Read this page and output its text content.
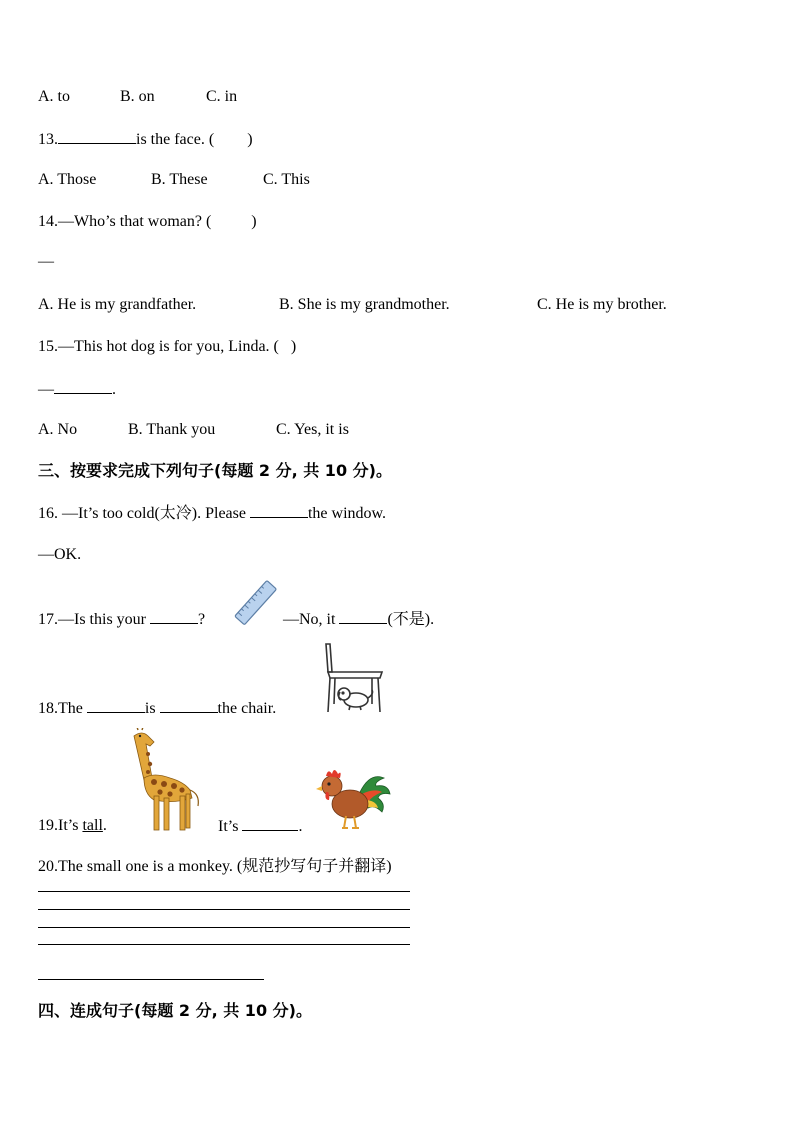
A. to	B. on	C. in
13.	is the face. ( )
A. Those	B. These	C. This
14.—Who’s that woman? (	)
—
A. He is my grandfather.	B. She is my grandmother.	C. He is my brother.
15.—This hot dog is for you, Linda. ( )
—	.
A. No	B. Thank you	C. Yes, it is
三、按要求完成下列句子(每题 2 分, 共 10 分)。
16. —It’s too cold(太冷). Please	the window.
—OK.
17.—Is this your	?	—No, it	(不是).
18.The	is	the chair.
19.It’s tall.	It’s	.
20.The small one is a monkey. (规范抄写句子并翻译)
四、连成句子(每题 2 分, 共 10 分)。
